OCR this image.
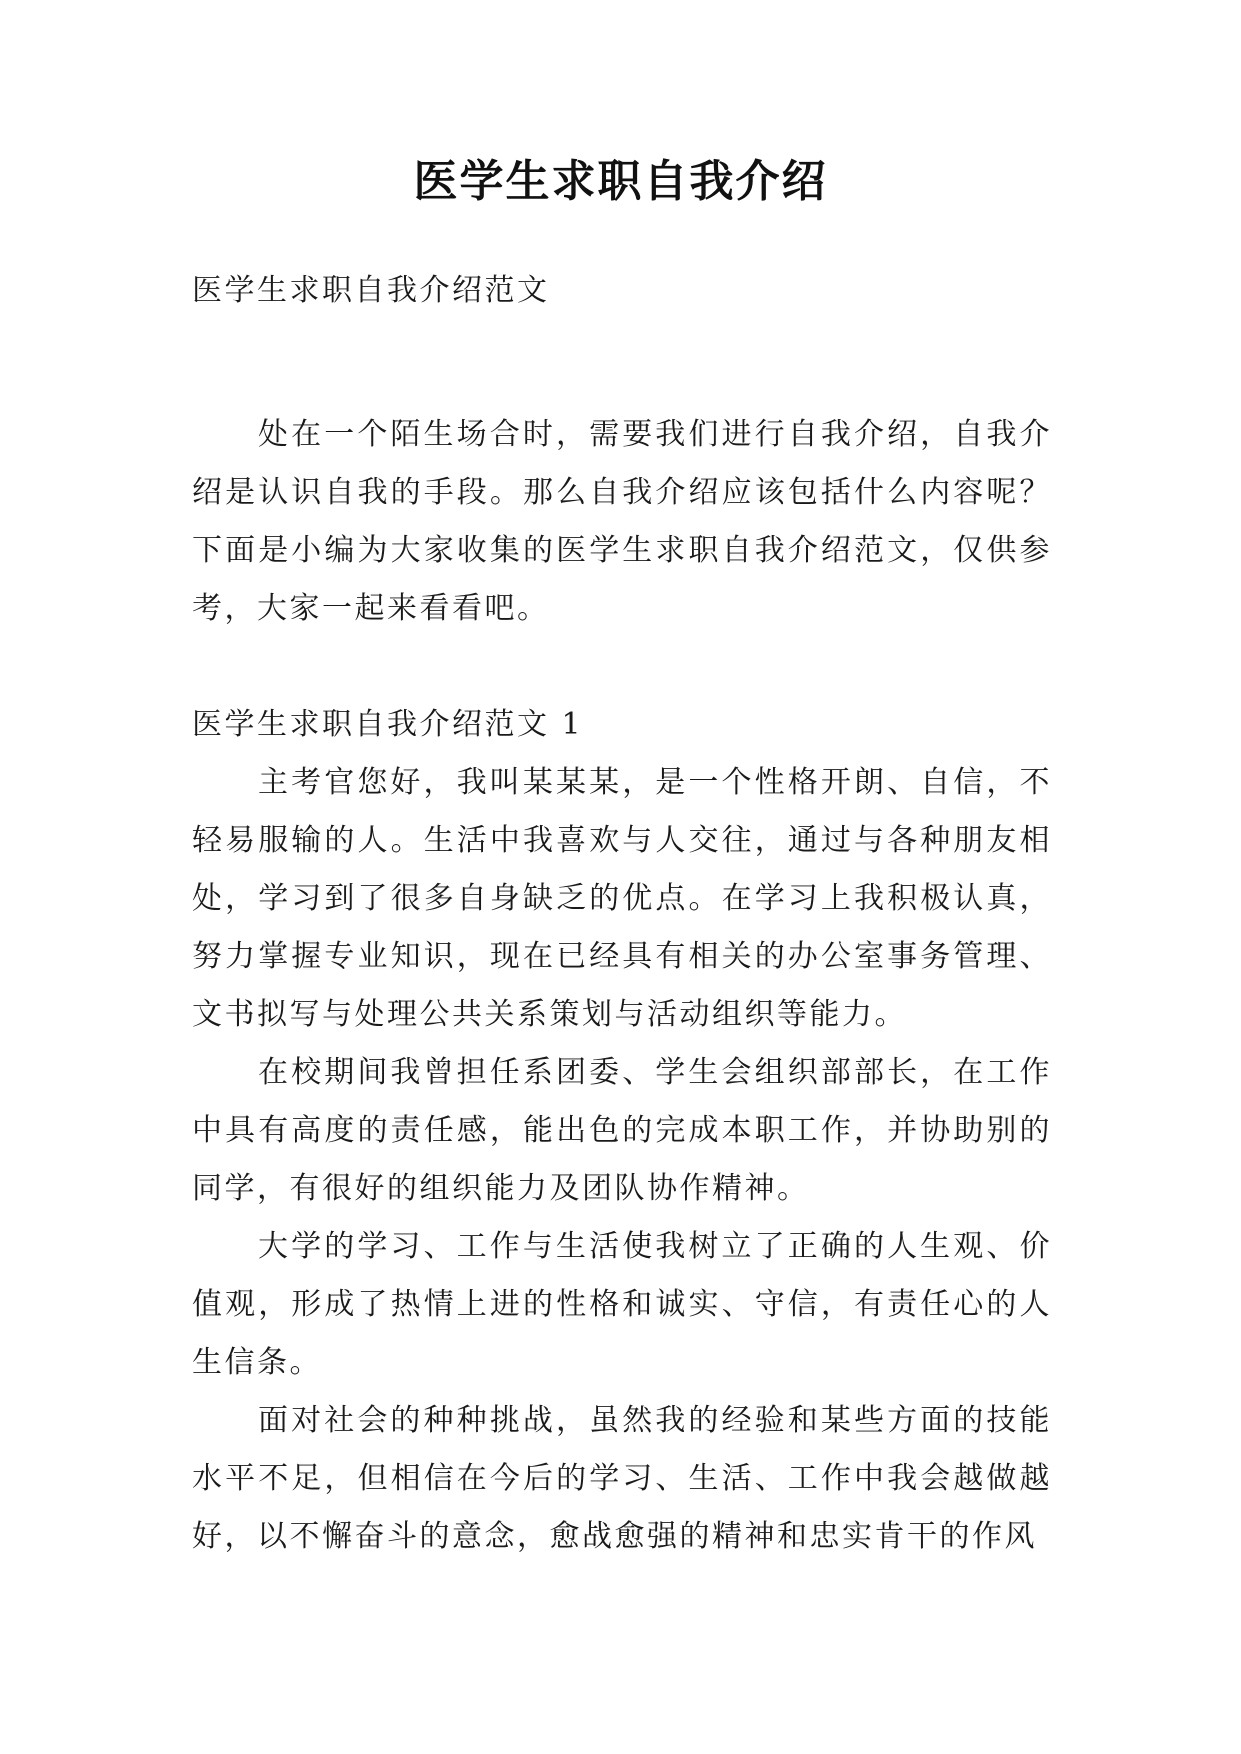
医学生求职自我介绍
医学生求职自我介绍范文
处在一个陌生场合时，需要我们进行自我介绍，自我介绍是认识自我的手段。那么自我介绍应该包括什么内容呢？下面是小编为大家收集的医学生求职自我介绍范文，仅供参考，大家一起来看看吧。
医学生求职自我介绍范文 1
主考官您好，我叫某某某，是一个性格开朗、自信，不轻易服输的人。生活中我喜欢与人交往，通过与各种朋友相处，学习到了很多自身缺乏的优点。在学习上我积极认真，努力掌握专业知识，现在已经具有相关的办公室事务管理、文书拟写与处理公共关系策划与活动组织等能力。
在校期间我曾担任系团委、学生会组织部部长，在工作中具有高度的责任感，能出色的完成本职工作，并协助别的同学，有很好的组织能力及团队协作精神。
大学的学习、工作与生活使我树立了正确的人生观、价值观，形成了热情上进的性格和诚实、守信，有责任心的人生信条。
面对社会的种种挑战，虽然我的经验和某些方面的技能水平不足，但相信在今后的学习、生活、工作中我会越做越好，以不懈奋斗的意念，愈战愈强的精神和忠实肯干的作风
